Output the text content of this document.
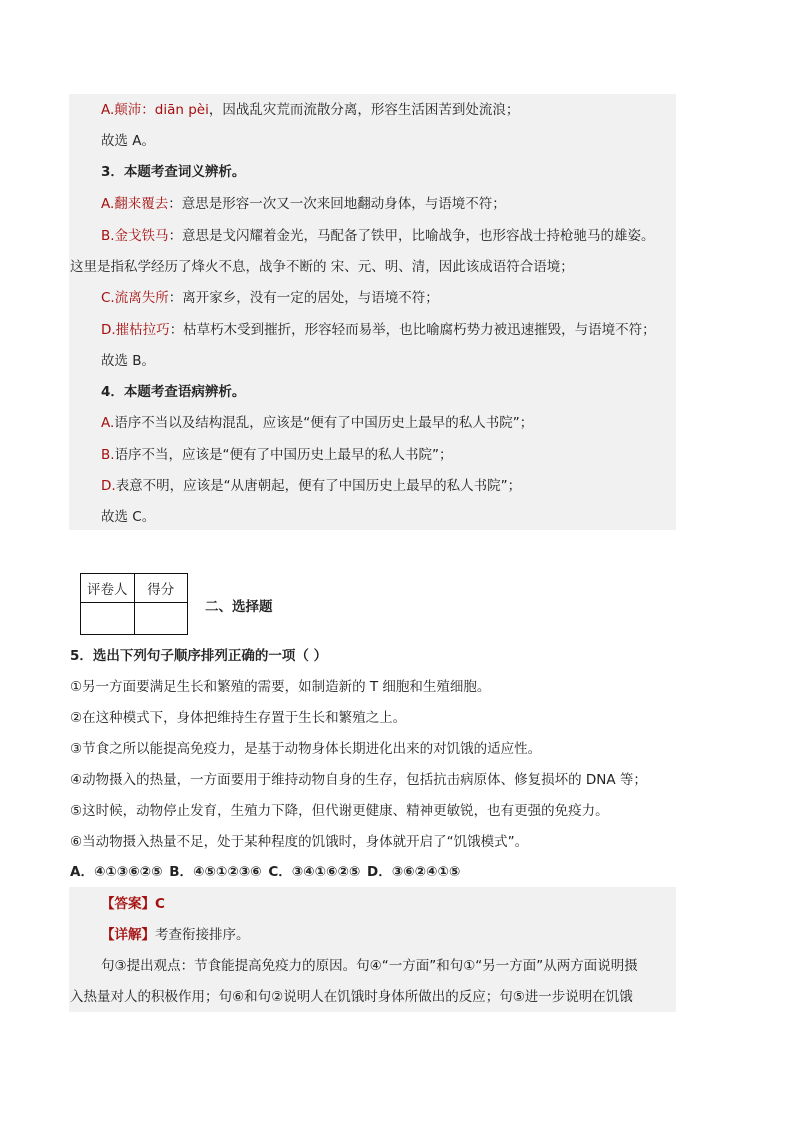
A.颠沛：diān pèi，因战乱灾荒而流散分离，形容生活困苦到处流浪；
故选 A。
3．本题考查词义辨析。
A.翻来覆去：意思是形容一次又一次来回地翻动身体，与语境不符；
B.金戈铁马：意思是戈闪耀着金光，马配备了铁甲，比喻战争，也形容战士持枪驰马的雄姿。
这里是指私学经历了烽火不息，战争不断的 宋、元、明、清，因此该成语符合语境；
C.流离失所：离开家乡，没有一定的居处，与语境不符；
D.摧枯拉巧：枯草朽木受到摧折，形容轻而易举，也比喻腐朽势力被迅速摧毁，与语境不符；
故选 B。
4．本题考查语病辨析。
A.语序不当以及结构混乱，应该是“便有了中国历史上最早的私人书院”；
B.语序不当，应该是“便有了中国历史上最早的私人书院”；
D.表意不明，应该是“从唐朝起，便有了中国历史上最早的私人书院”；
故选 C。
评卷人	得分

二、选择题
5．选出下列句子顺序排列正确的一项（ ）
①另一方面要满足生长和繁殖的需要，如制造新的 T 细胞和生殖细胞。
②在这种模式下，身体把维持生存置于生长和繁殖之上。
③节食之所以能提高免疫力，是基于动物身体长期进化出来的对饥饿的适应性。
④动物摄入的热量，一方面要用于维持动物自身的生存，包括抗击病原体、修复损坏的 DNA 等；
⑤这时候，动物停止发育，生殖力下降，但代谢更健康、精神更敏锐，也有更强的免疫力。
⑥当动物摄入热量不足，处于某种程度的饥饿时，身体就开启了“饥饿模式”。
A．④①③⑥②⑤ B．④⑤①②③⑥ C．③④①⑥②⑤ D．③⑥②④①⑤
【答案】C
【详解】考查衔接排序。
句③提出观点：节食能提高免疫力的原因。句④“一方面”和句①“另一方面”从两方面说明摄
入热量对人的积极作用；句⑥和句②说明人在饥饿时身体所做出的反应；句⑤进一步说明在饥饿
